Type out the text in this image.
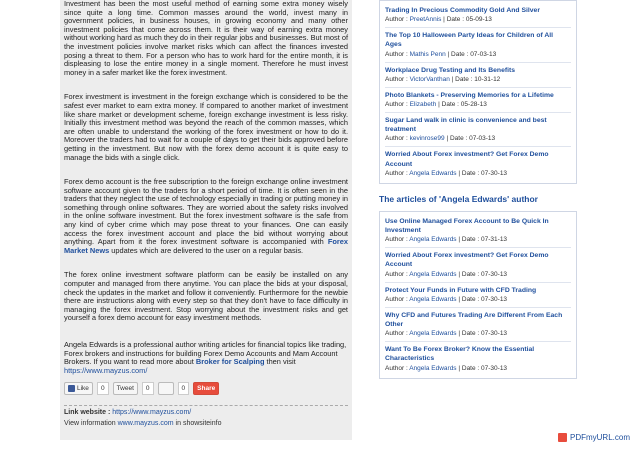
Investment has been the most useful method of earning some extra money wisely since quite a long time. Common masses around the world, invest many in government policies, in business houses, in growing economy and many other investment policies that come across them. It is their way of earning extra money without working hard as much they do in their regular jobs and businesses. But most of the investment policies involve market risks which can affect the finances invested posing a threat to them. For a person who has to work hard for the entire month, it is displeasing to lose the entire money in a single moment. Therefore he must invest money in a safer market like the forex investment.

Forex investment is investment in the foreign exchange which is considered to be the safest ever market to earn extra money. If compared to another market of investment like share market or development scheme, foreign exchange investment is less risky. Initially this investment method was beyond the reach of the common masses, which are often unable to understand the working of the forex investment or how to do it. Moreover the traders had to wait for a couple of days to get their bids approved before getting in the investment. But now with the forex demo account it is quite easy to manage the bids with a single click.

Forex demo account is the free subscription to the foreign exchange online investment software account given to the traders for a short period of time. It is often seen in the traders that they neglect the use of technology especially in trading or putting money in something through online softwares. They are worried about the safety risks involved in the online software investment. But the forex investment software is the safe from any kind of cyber crime which may pose threat to your finances. One can easily access the forex investment account and place the bid without worrying about anything. Apart from it the forex investment software is accompanied with Forex Market News updates which are delivered to the user on a regular basis.

The forex online investment software platform can be easily be installed on any computer and managed from there anytime. You can place the bids at your disposal, check the updates in the market and follow it conveniently. Furthermore for the newbie there are instructions along with every step so that they don't have to face difficulty in managing the forex investment. Stop worrying about the investment risks and get yourself a forex demo account for easy investment methods.

Angela Edwards is a professional author writing articles for financial topics like trading, Forex brokers and instructions for building Forex Demo Accounts and Mam Account Brokers. If you want to read more about Broker for Scalping then visit https://www.mayzus.com/
Like	0	Tweet	0	0	Share
Link website : https://www.mayzus.com/
View information www.mayzus.com in showsiteinfo
Trading In Precious Commodity Gold And Silver
Author : PreetAnnis | Date : 05-09-13
The Top 10 Halloween Party Ideas for Children of All Ages
Author : Mathis Penn | Date : 07-03-13
Workplace Drug Testing and Its Benefits
Author : VictorVanthan | Date : 10-31-12
Photo Blankets - Preserving Memories for a Lifetime
Author : Elizabeth | Date : 05-28-13
Sugar Land walk in clinic is convenience and best treatment
Author : kevinrose99 | Date : 07-03-13
Worried About Forex investment? Get Forex Demo Account
Author : Angela Edwards | Date : 07-30-13
The articles of 'Angela Edwards' author
Use Online Managed Forex Account to Be Quick In Investment
Author : Angela Edwards | Date : 07-31-13
Worried About Forex investment? Get Forex Demo Account
Author : Angela Edwards | Date : 07-30-13
Protect Your Funds in Future with CFD Trading
Author : Angela Edwards | Date : 07-30-13
Why CFD and Futures Trading Are Different From Each Other
Author : Angela Edwards | Date : 07-30-13
Want To Be Forex Broker? Know the Essential Characteristics
Author : Angela Edwards | Date : 07-30-13
PDFmyURL.com
